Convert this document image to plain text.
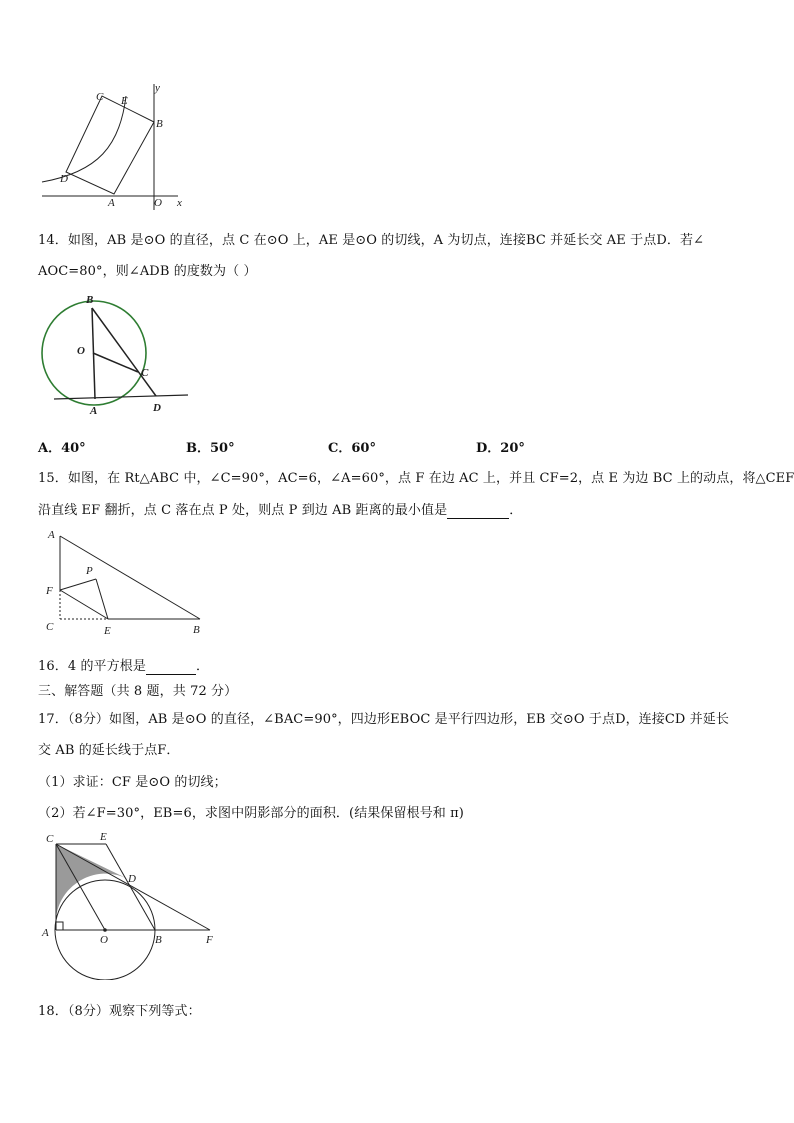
C E
y
B
D
A	O x
14．如图，AB 是⊙O 的直径，点 C 在⊙O 上，AE 是⊙O 的切线，A 为切点，连接BC 并延长交 AE 于点D．若∠
AOC=80°，则∠ADB 的度数为（ ）
B
O
C
A	D
A．40°	B．50°	C．60°	D．20°
15．如图，在 Rt△ABC 中，∠C=90°，AC=6，∠A=60°，点 F 在边 AC 上，并且 CF=2，点 E 为边 BC 上的动点，将△CEF
沿直线 EF 翻折，点 C 落在点 P 处，则点 P 到边 AB 距离的最小值是	．
A
P
F
C	E	B
16．4 的平方根是	．
三、解答题（共 8 题，共 72 分）
17．（8分）如图，AB 是⊙O 的直径，∠BAC=90°，四边形EBOC 是平行四边形，EB 交⊙O 于点D，连接CD 并延长
交 AB 的延长线于点F．
（1）求证：CF 是⊙O 的切线；
（2）若∠F=30°，EB=6，求图中阴影部分的面积．(结果保留根号和 π)
C	E
D
A
O	B	F
18．（8分）观察下列等式：
